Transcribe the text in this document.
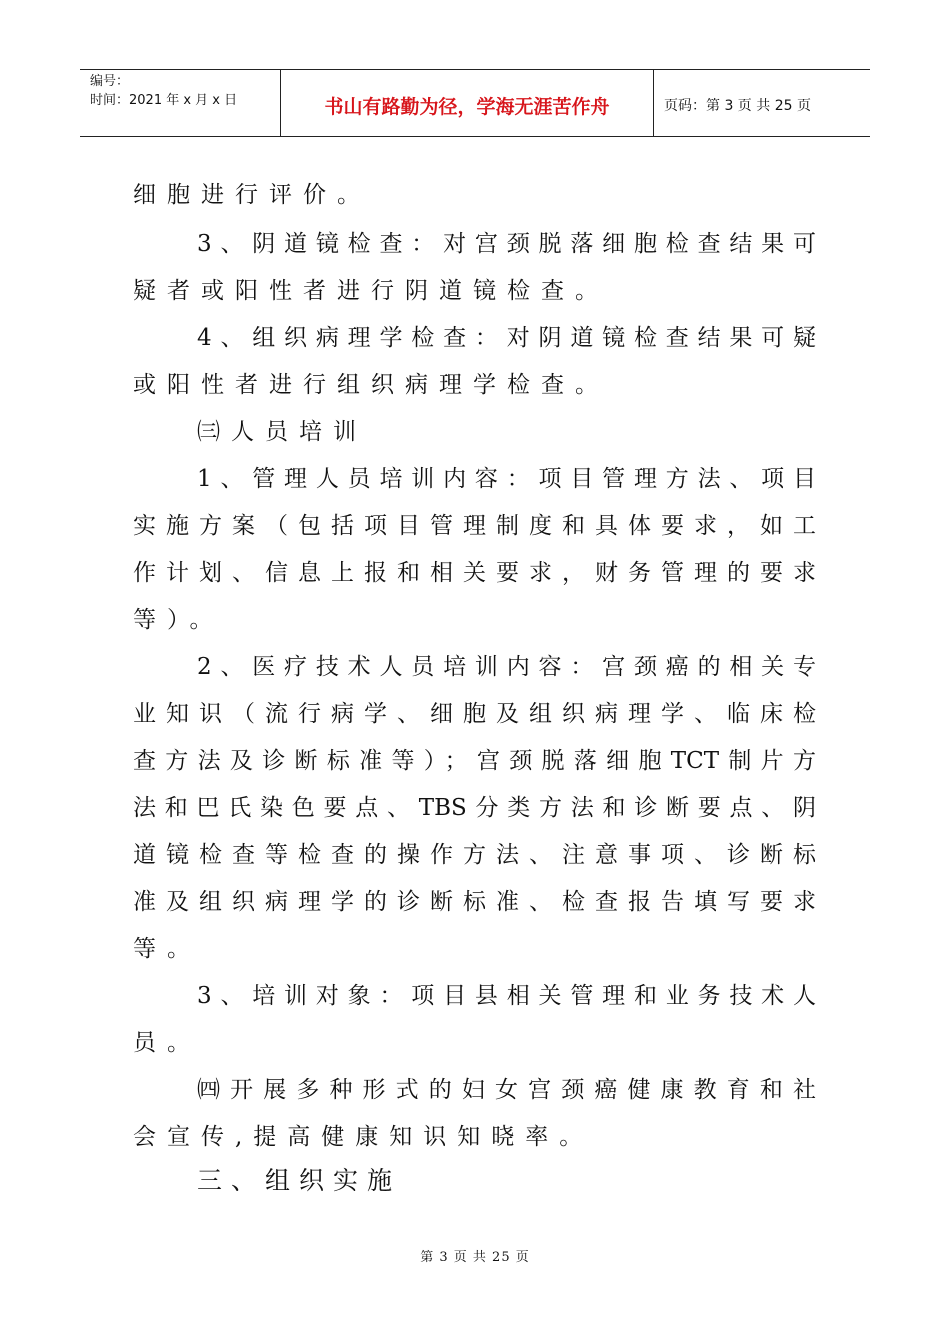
编号：
时间：2021 年 x 月 x 日	书山有路勤为径，学海无涯苦作舟	页码：第 3 页 共 25 页
细胞进行评价。
3、阴道镜检查：对宫颈脱落细胞检查结果可
疑者或阳性者进行阴道镜检查。
4、组织病理学检查：对阴道镜检查结果可疑
或阳性者进行组织病理学检查。
㈢人员培训
1、管理人员培训内容：项目管理方法、项目
实施方案（包括项目管理制度和具体要求，如工
作计划、信息上报和相关要求，财务管理的要求
等）。
2、医疗技术人员培训内容：宫颈癌的相关专
业知识（流行病学、细胞及组织病理学、临床检
查方法及诊断标准等）；宫颈脱落细胞TCT制片方
法和巴氏染色要点、TBS分类方法和诊断要点、阴
道镜检查等检查的操作方法、注意事项、诊断标
准及组织病理学的诊断标准、检查报告填写要求
等。
3、培训对象：项目县相关管理和业务技术人
员。
㈣开展多种形式的妇女宫颈癌健康教育和社
会宣传,提高健康知识知晓率。
三、组织实施
第 3 页 共 25 页
